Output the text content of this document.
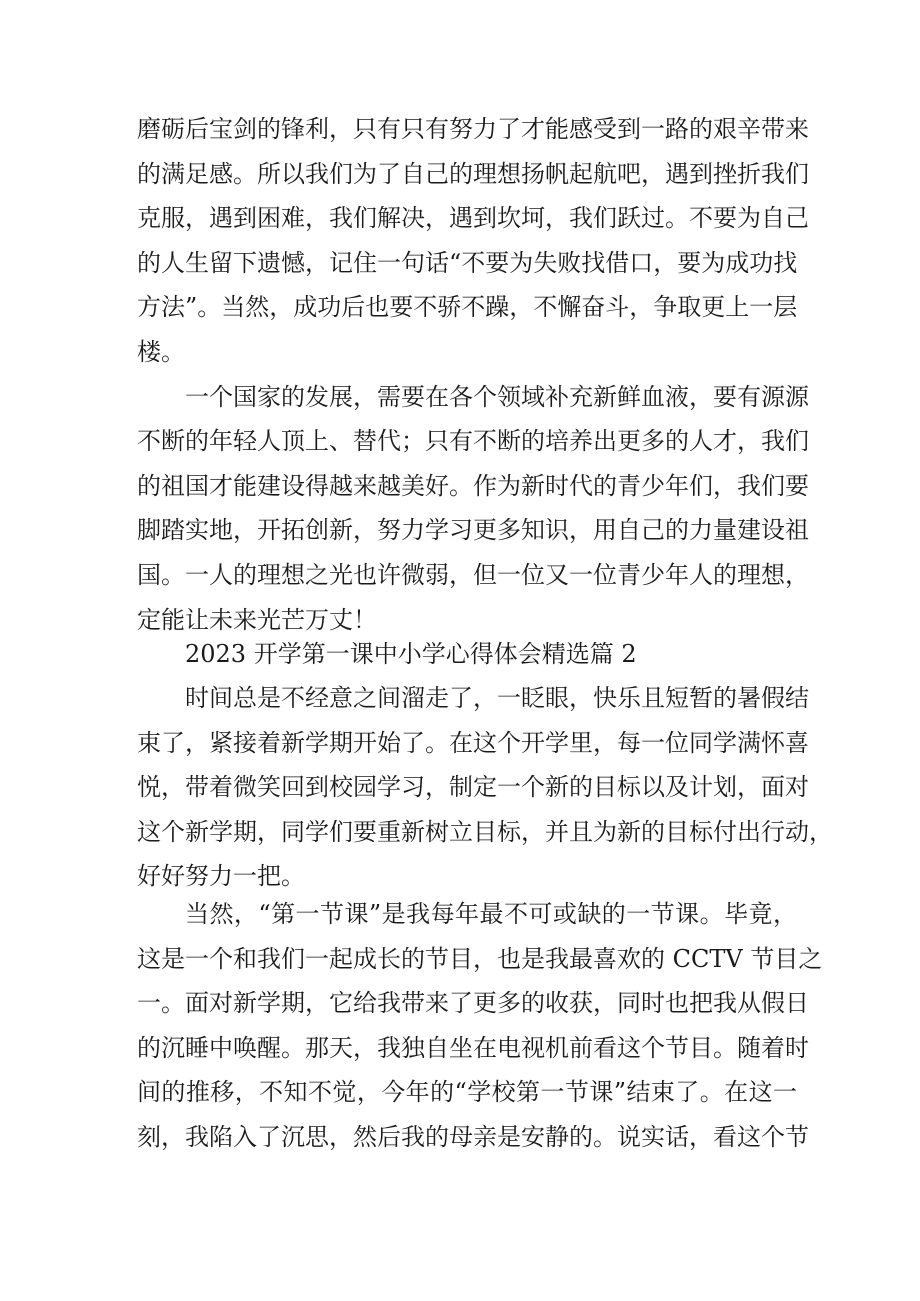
磨砺后宝剑的锋利，只有只有努力了才能感受到一路的艰辛带来
的满足感。所以我们为了自己的理想扬帆起航吧，遇到挫折我们
克服，遇到困难，我们解决，遇到坎坷，我们跃过。不要为自己
的人生留下遗憾，记住一句话“不要为失败找借口，要为成功找
方法”。当然，成功后也要不骄不躁，不懈奋斗，争取更上一层
楼。
一个国家的发展，需要在各个领域补充新鲜血液，要有源源
不断的年轻人顶上、替代；只有不断的培养出更多的人才，我们
的祖国才能建设得越来越美好。作为新时代的青少年们，我们要
脚踏实地，开拓创新，努力学习更多知识，用自己的力量建设祖
国。一人的理想之光也许微弱，但一位又一位青少年人的理想，
定能让未来光芒万丈！
2023 开学第一课中小学心得体会精选篇 2
时间总是不经意之间溜走了，一眨眼，快乐且短暂的暑假结
束了，紧接着新学期开始了。在这个开学里，每一位同学满怀喜
悦，带着微笑回到校园学习，制定一个新的目标以及计划，面对
这个新学期，同学们要重新树立目标，并且为新的目标付出行动，
好好努力一把。
当然，“第一节课”是我每年最不可或缺的一节课。毕竟，
这是一个和我们一起成长的节目，也是我最喜欢的 CCTV 节目之
一。面对新学期，它给我带来了更多的收获，同时也把我从假日
的沉睡中唤醒。那天，我独自坐在电视机前看这个节目。随着时
间的推移，不知不觉，今年的“学校第一节课”结束了。在这一
刻，我陷入了沉思，然后我的母亲是安静的。说实话，看这个节
